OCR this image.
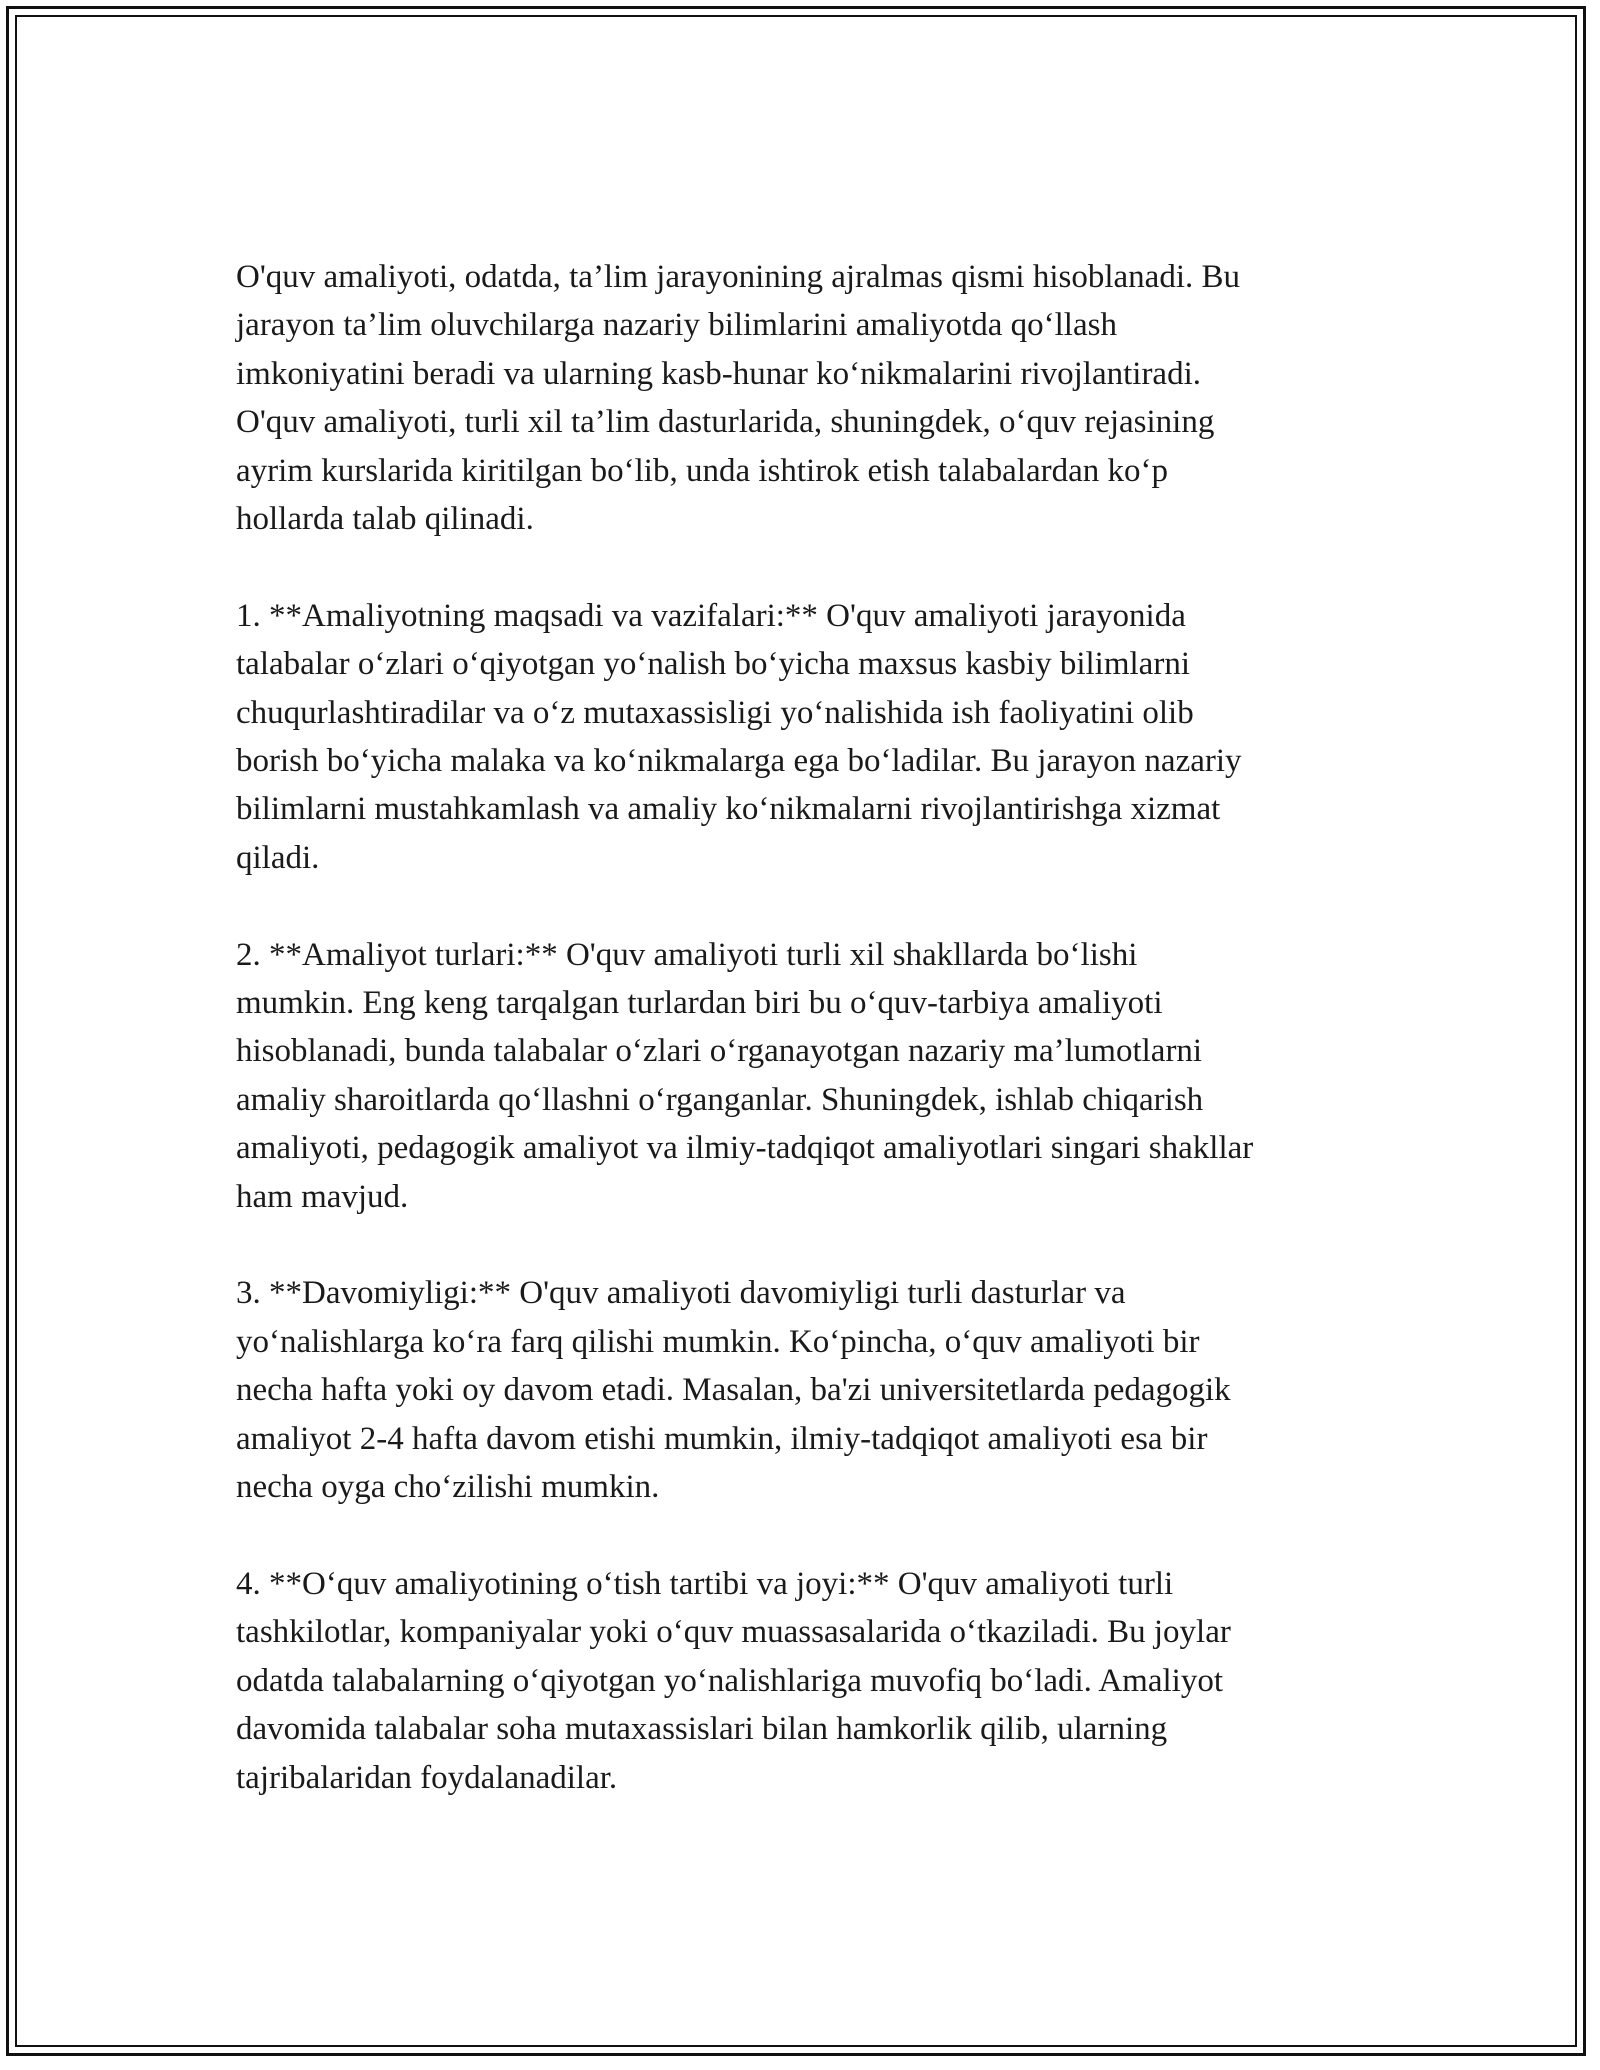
O'quv amaliyoti, odatda, ta’lim jarayonining ajralmas qismi hisoblanadi. Bu
jarayon ta’lim oluvchilarga nazariy bilimlarini amaliyotda qo‘llash
imkoniyatini beradi va ularning kasb-hunar ko‘nikmalarini rivojlantiradi.
O'quv amaliyoti, turli xil ta’lim dasturlarida, shuningdek, o‘quv rejasining
ayrim kurslarida kiritilgan bo‘lib, unda ishtirok etish talabalardan ko‘p
hollarda talab qilinadi.

1. **Amaliyotning maqsadi va vazifalari:** O'quv amaliyoti jarayonida
talabalar o‘zlari o‘qiyotgan yo‘nalish bo‘yicha maxsus kasbiy bilimlarni
chuqurlashtiradilar va o‘z mutaxassisligi yo‘nalishida ish faoliyatini olib
borish bo‘yicha malaka va ko‘nikmalarga ega bo‘ladilar. Bu jarayon nazariy
bilimlarni mustahkamlash va amaliy ko‘nikmalarni rivojlantirishga xizmat
qiladi.

2. **Amaliyot turlari:** O'quv amaliyoti turli xil shakllarda bo‘lishi
mumkin. Eng keng tarqalgan turlardan biri bu o‘quv-tarbiya amaliyoti
hisoblanadi, bunda talabalar o‘zlari o‘rganayotgan nazariy ma’lumotlarni
amaliy sharoitlarda qo‘llashni o‘rganganlar. Shuningdek, ishlab chiqarish
amaliyoti, pedagogik amaliyot va ilmiy-tadqiqot amaliyotlari singari shakllar
ham mavjud.

3. **Davomiyligi:** O'quv amaliyoti davomiyligi turli dasturlar va
yo‘nalishlarga ko‘ra farq qilishi mumkin. Ko‘pincha, o‘quv amaliyoti bir
necha hafta yoki oy davom etadi. Masalan, ba'zi universitetlarda pedagogik
amaliyot 2-4 hafta davom etishi mumkin, ilmiy-tadqiqot amaliyoti esa bir
necha oyga cho‘zilishi mumkin.

4. **O‘quv amaliyotining o‘tish tartibi va joyi:** O'quv amaliyoti turli
tashkilotlar, kompaniyalar yoki o‘quv muassasalarida o‘tkaziladi. Bu joylar
odatda talabalarning o‘qiyotgan yo‘nalishlariga muvofiq bo‘ladi. Amaliyot
davomida talabalar soha mutaxassislari bilan hamkorlik qilib, ularning
tajribalaridan foydalanadilar.
